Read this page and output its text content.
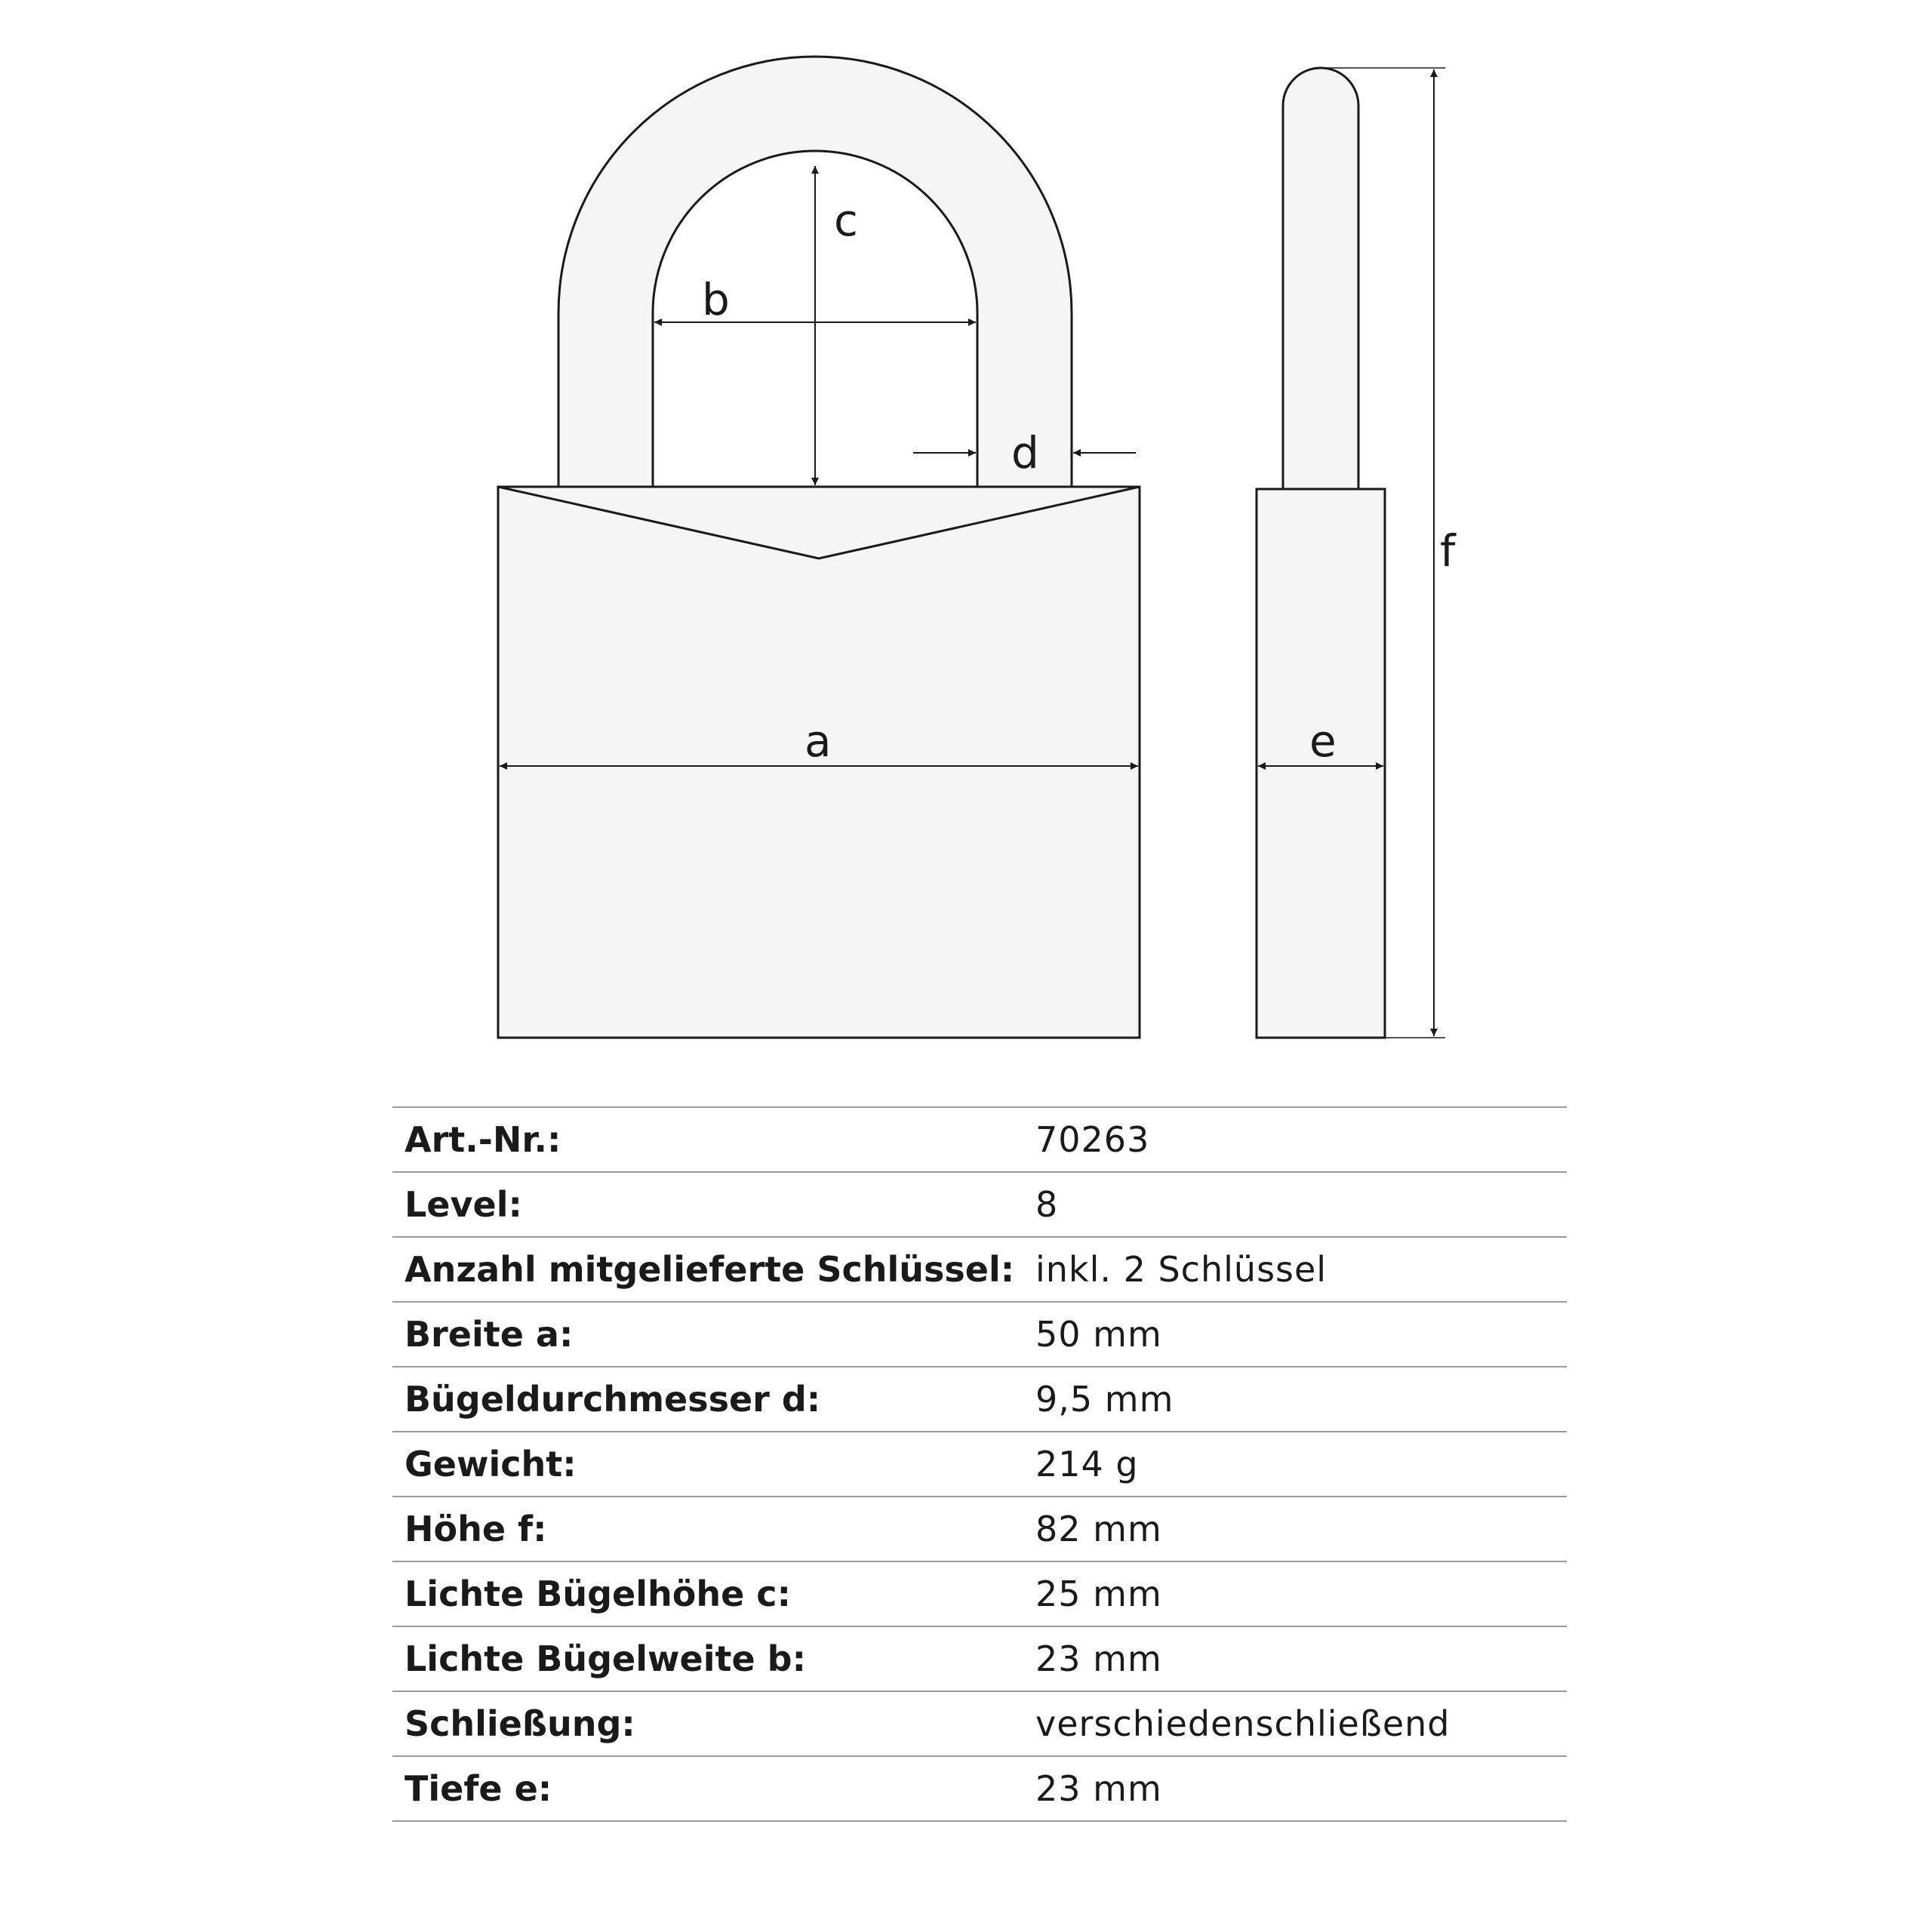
c
b
d
a	e
f
Art.-Nr.:	70263
Level:	8
Anzahl mitgelieferte Schlüssel:	inkl. 2 Schlüssel
Breite a:	50 mm
Bügeldurchmesser d:	9,5 mm
Gewicht:	214 g
Höhe f:	82 mm
Lichte Bügelhöhe c:	25 mm
Lichte Bügelweite b:	23 mm
Schließung:	verschiedenschließend
Tiefe e:	23 mm
